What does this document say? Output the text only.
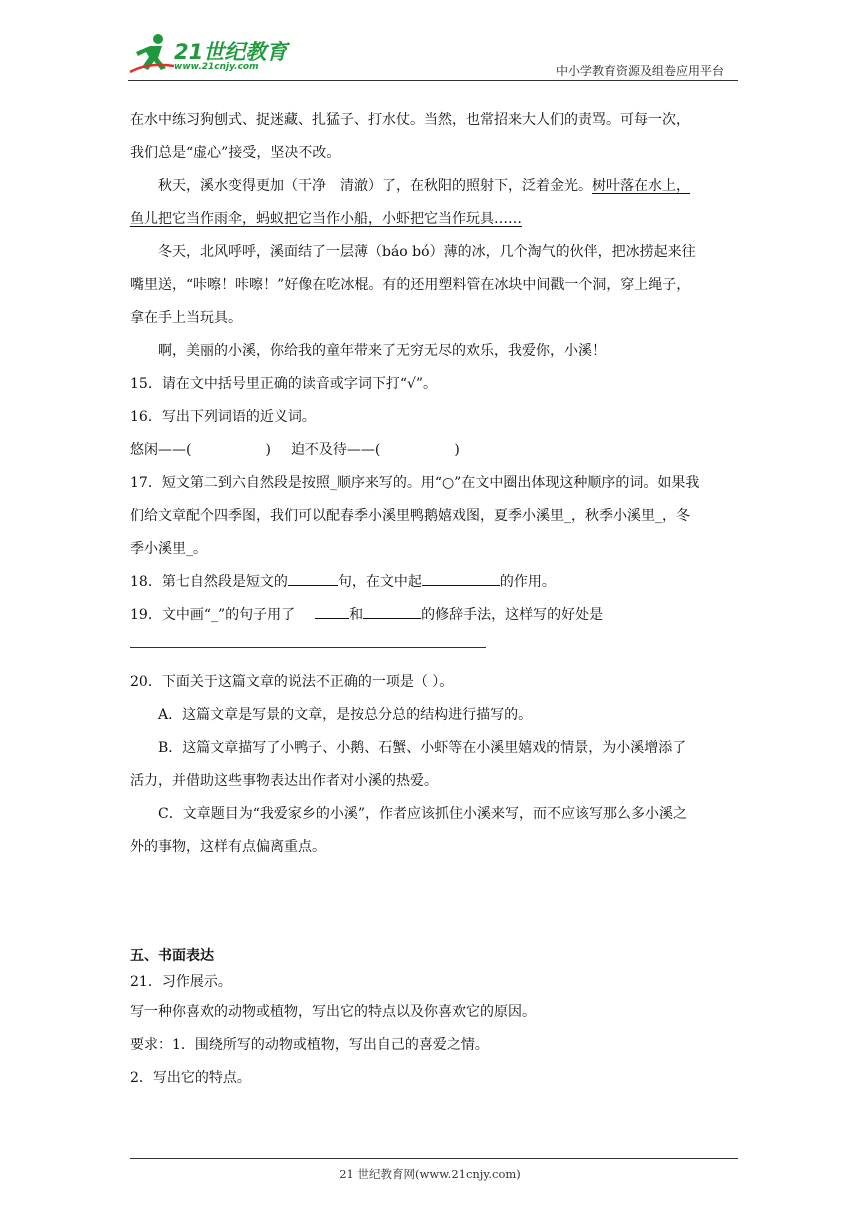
21世纪教育
www.21cnjy.com	中小学教育资源及组卷应用平台

在水中练习狗刨式、捉迷藏、扎猛子、打水仗。当然，也常招来大人们的责骂。可每一次，

我们总是“虚心”接受，坚决不改。

秋天，溪水变得更加（干净　清澈）了，在秋阳的照射下，泛着金光。树叶落在水上，

鱼儿把它当作雨伞，蚂蚁把它当作小船，小虾把它当作玩具……

冬天，北风呼呼，溪面结了一层薄（báo bó）薄的冰，几个淘气的伙伴，把冰捞起来往

嘴里送，“咔嚓！咔嚓！”好像在吃冰棍。有的还用塑料管在冰块中间戳一个洞，穿上绳子，

拿在手上当玩具。

啊，美丽的小溪，你给我的童年带来了无穷无尽的欢乐，我爱你，小溪！

15．请在文中括号里正确的读音或字词下打“√”。

16．写出下列词语的近义词。

悠闲——(	) 迫不及待——(	)

17．短文第二到六自然段是按照_顺序来写的。用“○”在文中圈出体现这种顺序的词。如果我

们给文章配个四季图，我们可以配春季小溪里鸭鹅嬉戏图，夏季小溪里_，秋季小溪里_，冬

季小溪里_。

18．第七自然段是短文的	句，在文中起	的作用。

19．文中画“_”的句子用了	和	的修辞手法，这样写的好处是

20．下面关于这篇文章的说法不正确的一项是（ ）。

A．这篇文章是写景的文章，是按总分总的结构进行描写的。

B．这篇文章描写了小鸭子、小鹅、石蟹、小虾等在小溪里嬉戏的情景，为小溪增添了

活力，并借助这些事物表达出作者对小溪的热爱。

C．文章题目为“我爱家乡的小溪”，作者应该抓住小溪来写，而不应该写那么多小溪之

外的事物，这样有点偏离重点。

五、书面表达

21．习作展示。

写一种你喜欢的动物或植物，写出它的特点以及你喜欢它的原因。

要求：1．围绕所写的动物或植物，写出自己的喜爱之情。

2．写出它的特点。

21 世纪教育网(www.21cnjy.com)
